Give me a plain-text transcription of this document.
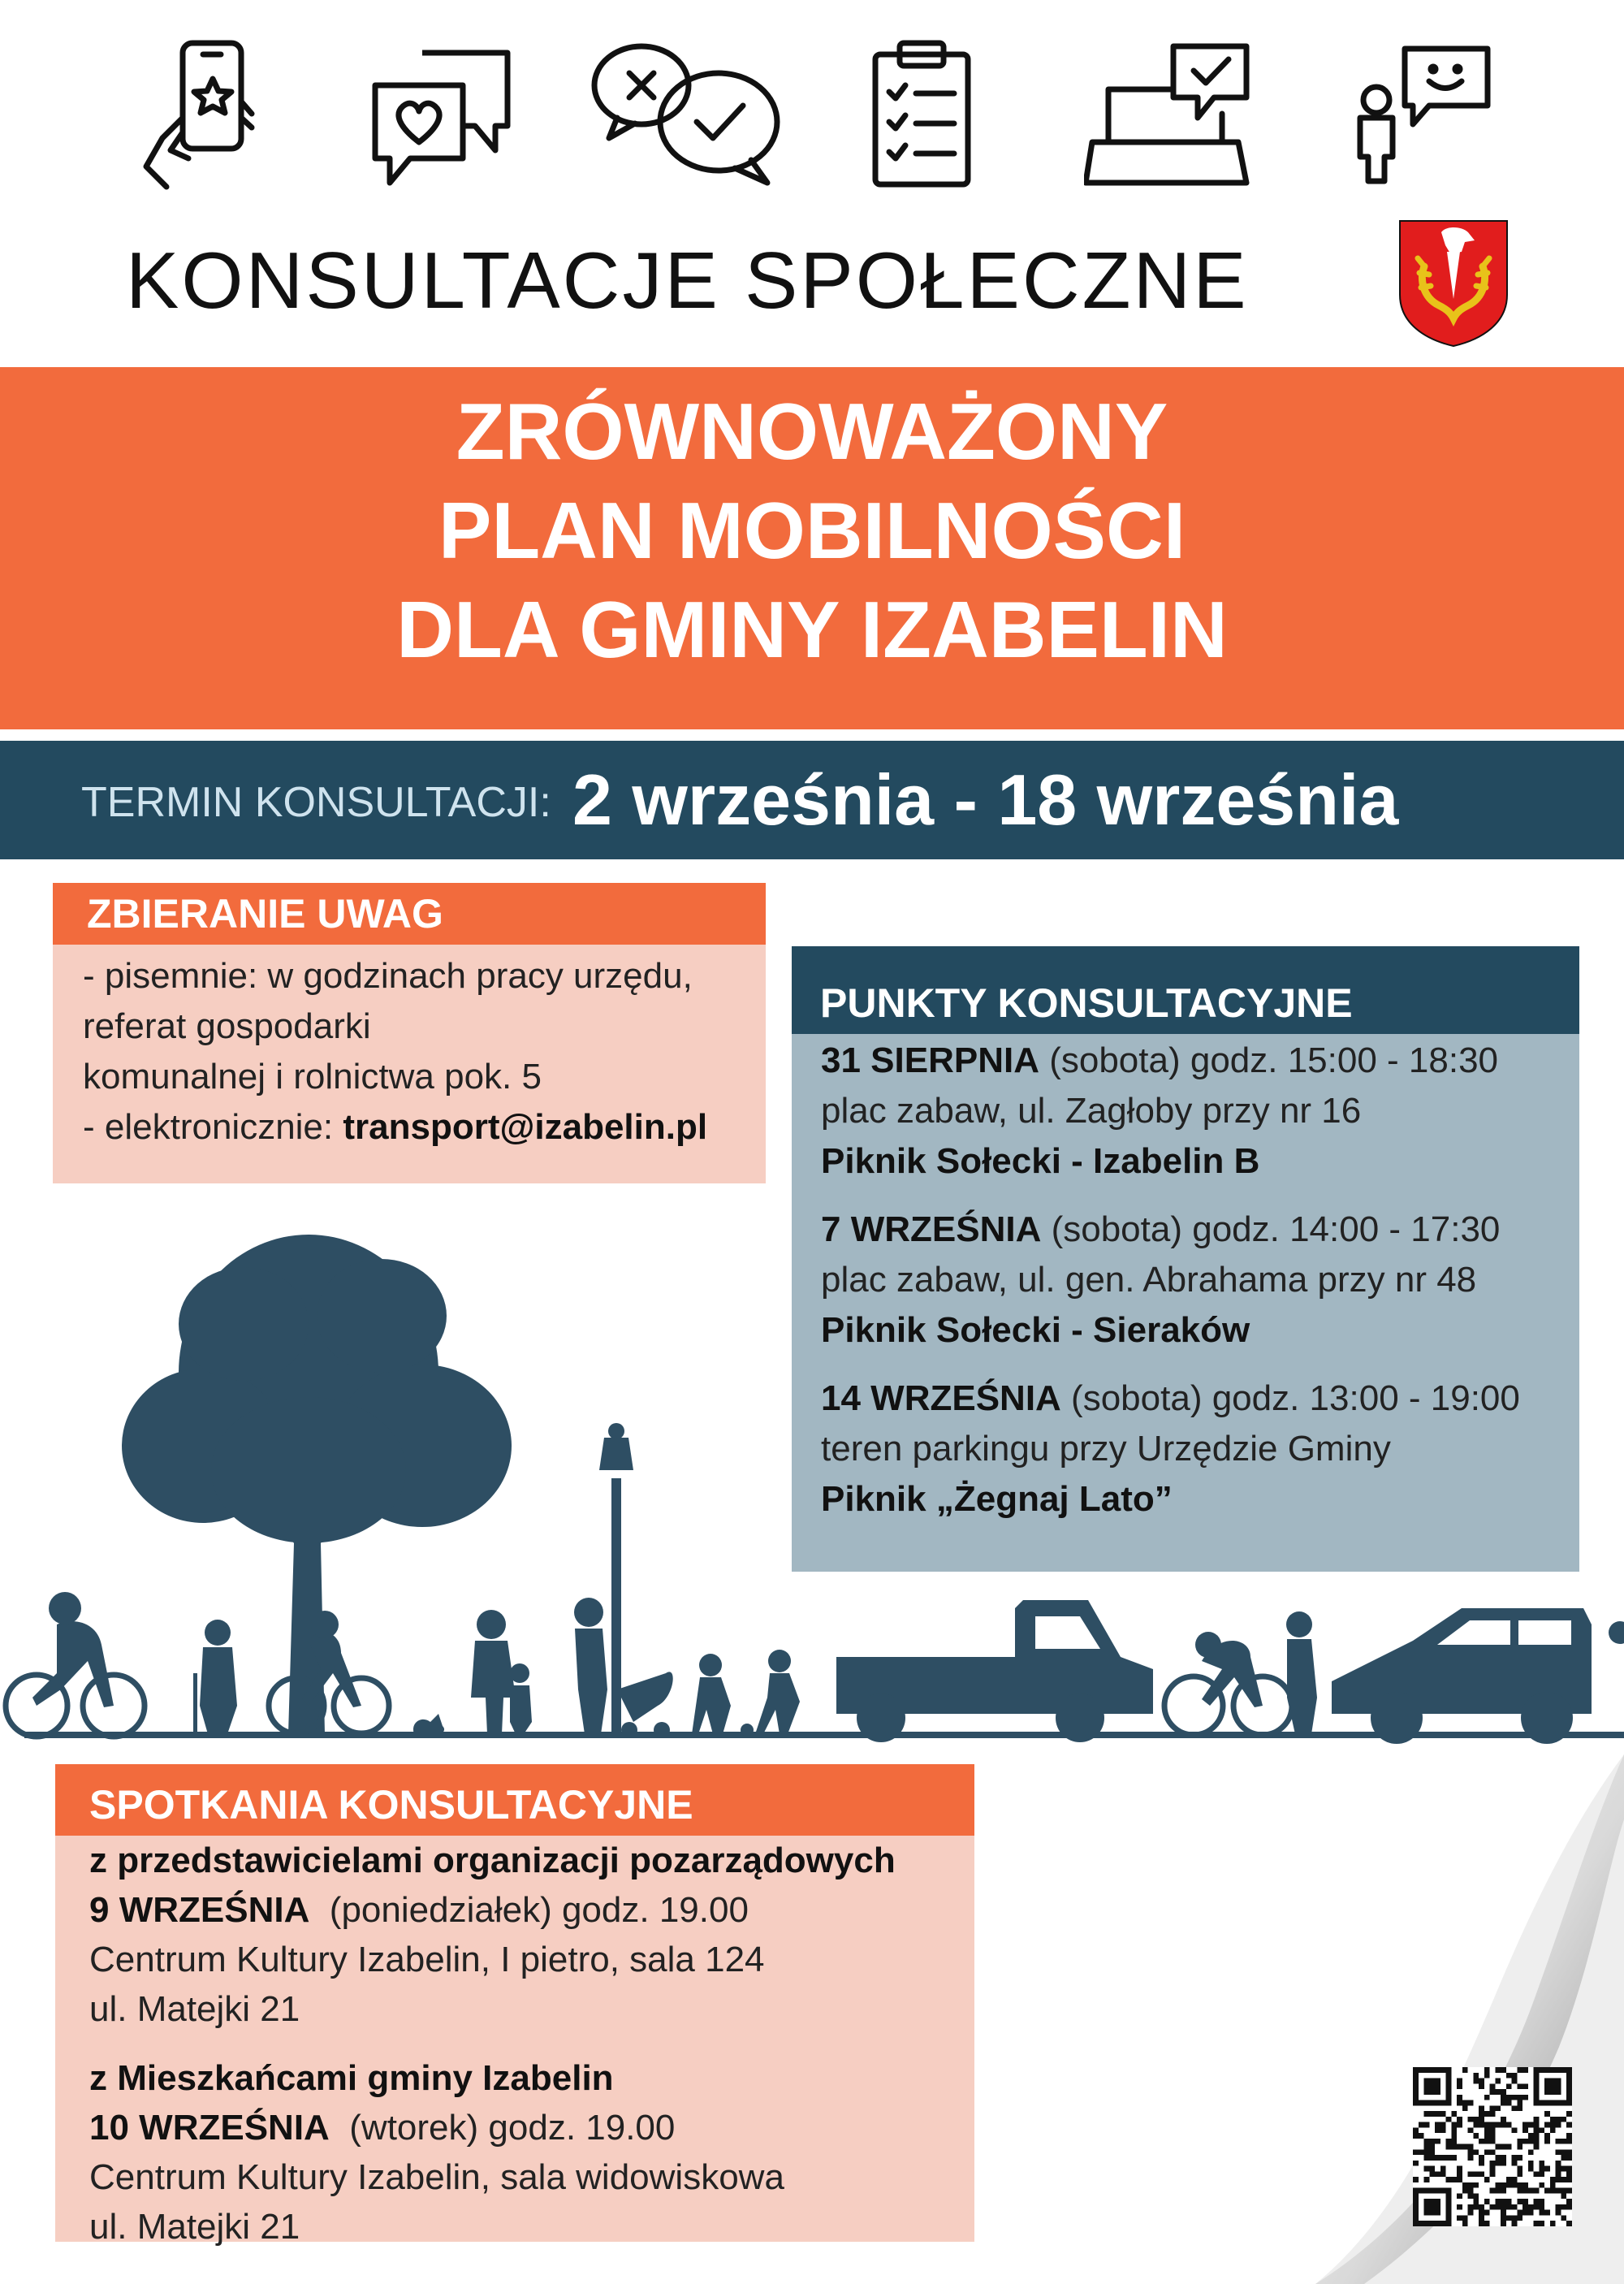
KONSULTACJE SPOŁECZNE
ZRÓWNOWAŻONY
PLAN MOBILNOŚCI
DLA GMINY IZABELIN
TERMIN KONSULTACJI: 2 września - 18 września
ZBIERANIE UWAG
- pisemnie: w godzinach pracy urzędu,
referat gospodarki
komunalnej i rolnictwa pok. 5
- elektronicznie: transport@izabelin.pl
PUNKTY KONSULTACYJNE
31 SIERPNIA (sobota) godz. 15:00 - 18:30
plac zabaw, ul. Zagłoby przy nr 16
Piknik Sołecki - Izabelin B
7 WRZEŚNIA (sobota) godz. 14:00 - 17:30
plac zabaw, ul. gen. Abrahama przy nr 48
Piknik Sołecki - Sieraków
14 WRZEŚNIA (sobota) godz. 13:00 - 19:00
teren parkingu przy Urzędzie Gminy
Piknik „Żegnaj Lato”
SPOTKANIA KONSULTACYJNE
z przedstawicielami organizacji pozarządowych
9 WRZEŚNIA  (poniedziałek) godz. 19.00
Centrum Kultury Izabelin, I pietro, sala 124
ul. Matejki 21
z Mieszkańcami gminy Izabelin
10 WRZEŚNIA  (wtorek) godz. 19.00
Centrum Kultury Izabelin, sala widowiskowa
ul. Matejki 21
